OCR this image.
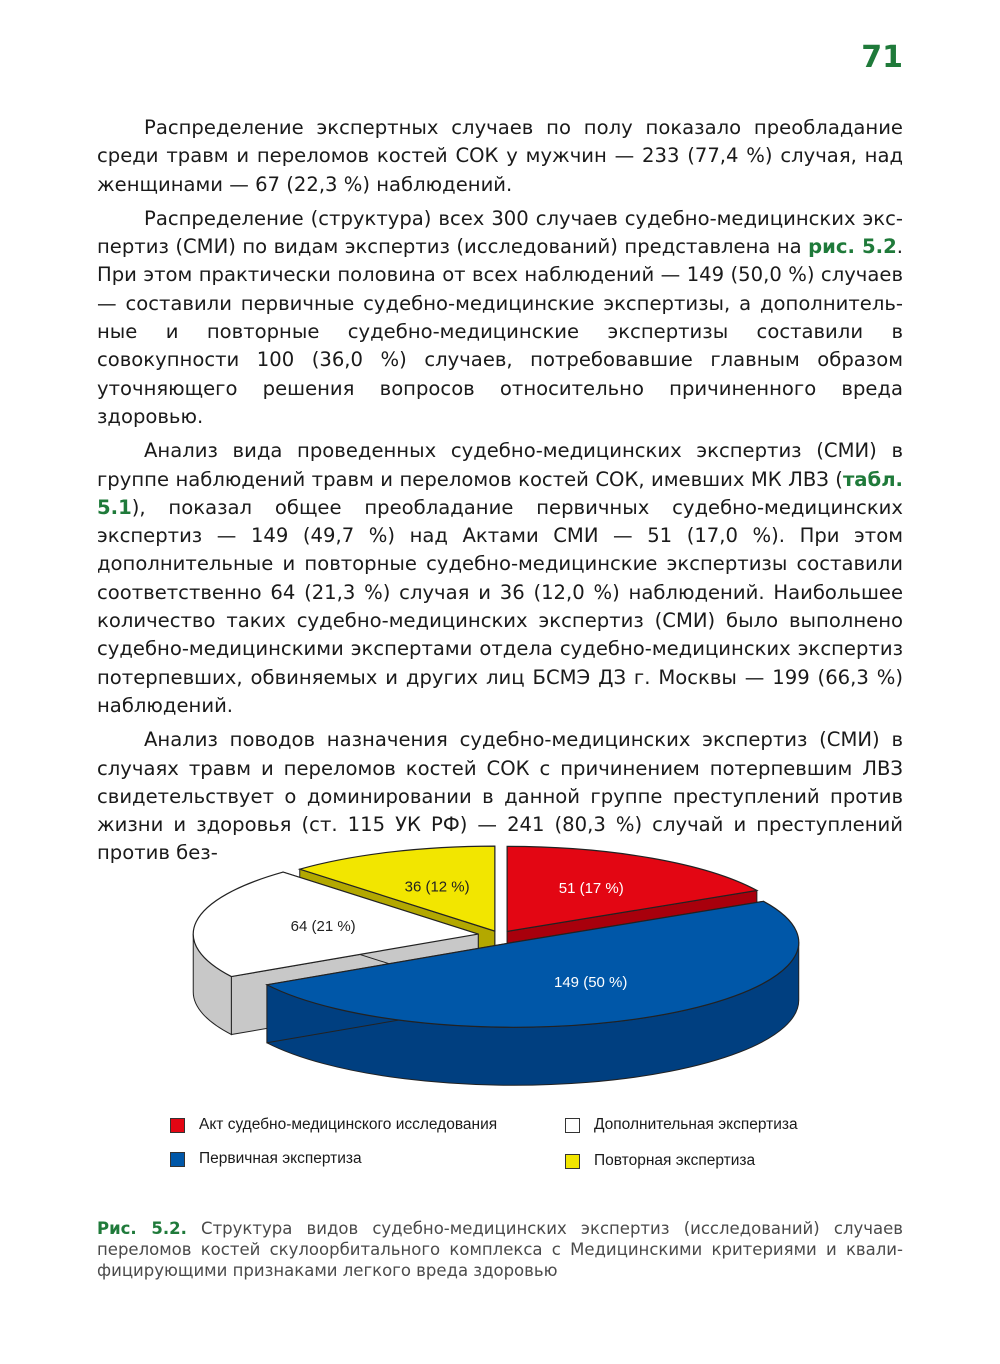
71

Распределение экспертных случаев по полу показало преобладание среди травм и переломов костей СОК у мужчин — 233 (77,4 %) случая, над женщинами — 67 (22,3 %) наблюдений.

Распределение (структура) всех 300 случаев судебно-медицинских экспертиз (СМИ) по видам экспертиз (исследований) представлена на рис. 5.2. При этом практически половина от всех наблюдений — 149 (50,0 %) случаев — составили первичные судебно-медицинские экспертизы, а дополнительные и повторные судебно-медицинские экспертизы составили в совокупности 100 (36,0 %) случаев, потребовавшие главным образом уточняющего решения вопросов относительно причиненного вреда здоровью.

Анализ вида проведенных судебно-медицинских экспертиз (СМИ) в группе наблюдений травм и переломов костей СОК, имевших МК ЛВЗ (табл. 5.1), показал общее преобладание первичных судебно-медицинских экспертиз — 149 (49,7 %) над Актами СМИ — 51 (17,0 %). При этом дополнительные и повторные судебно-медицинские экспертизы составили соответственно 64 (21,3 %) случая и 36 (12,0 %) наблюдений. Наибольшее количество таких судебно-медицинских экспертиз (СМИ) было выполнено судебно-медицинскими экспертaми отдела судебно-медицинских экспертиз потерпевших, обвиняемых и других лиц БСМЭ ДЗ г. Москвы — 199 (66,3 %) наблюдений.

Анализ поводов назначения судебно-медицинских экспертиз (СМИ) в случаях травм и переломов костей СОК с причинением потерпевшим ЛВЗ свидетельствует о доминировании в данной группе преступлений против жизни и здоровья (ст. 115 УК РФ) — 241 (80,3 %) случай и преступлений против без-

36 (12 %)
64 (21 %)
51 (17 %)
149 (50 %)
Акт судебно-медицинского исследования
Первичная экспертиза
Дополнительная экспертиза
Повторная экспертиза
Рис. 5.2. Структура видов судебно-медицинских экспертиз (исследований) случаев переломов костей скулоорбитального комплекса с Медицинскими критериями и квалифицирующими признаками легкого вреда здоровью
